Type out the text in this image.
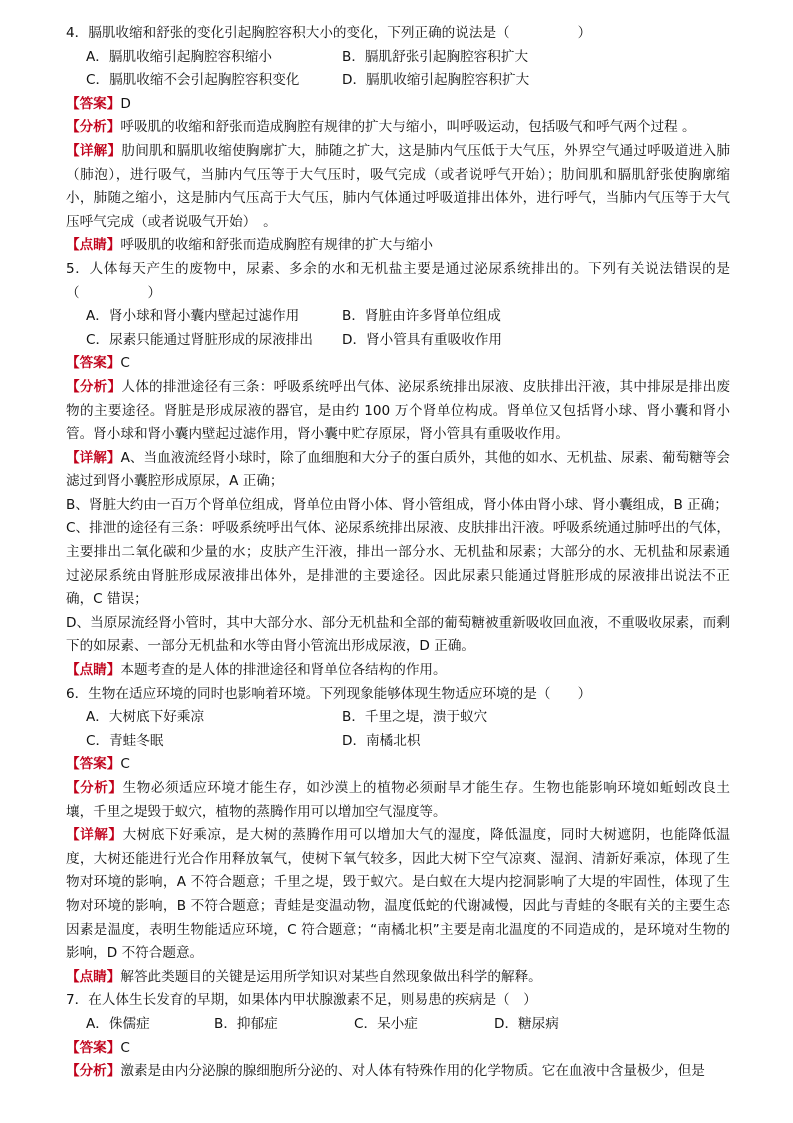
4．膈肌收缩和舒张的变化引起胸腔容积大小的变化，下列正确的说法是（　　　　　）

A．膈肌收缩引起胸腔容积缩小	B．膈肌舒张引起胸腔容积扩大
C．膈肌收缩不会引起胸腔容积变化	D．膈肌收缩引起胸腔容积扩大

【答案】D

【分析】呼吸肌的收缩和舒张而造成胸腔有规律的扩大与缩小，叫呼吸运动，包括吸气和呼气两个过程 。

【详解】肋间肌和膈肌收缩使胸廓扩大，肺随之扩大，这是肺内气压低于大气压，外界空气通过呼吸道进入肺（肺泡），进行吸气，当肺内气压等于大气压时，吸气完成（或者说呼气开始）；肋间肌和膈肌舒张使胸廓缩小，肺随之缩小，这是肺内气压高于大气压，肺内气体通过呼吸道排出体外，进行呼气，当肺内气压等于大气压呼气完成（或者说吸气开始）　。

【点睛】呼吸肌的收缩和舒张而造成胸腔有规律的扩大与缩小

5．人体每天产生的废物中，尿素、多余的水和无机盐主要是通过泌尿系统排出的。下列有关说法错误的是（　　　　　）

A．肾小球和肾小囊内壁起过滤作用	B．肾脏由许多肾单位组成
C．尿素只能通过肾脏形成的尿液排出	D．肾小管具有重吸收作用

【答案】C

【分析】人体的排泄途径有三条：呼吸系统呼出气体、泌尿系统排出尿液、皮肤排出汗液，其中排尿是排出废物的主要途径。肾脏是形成尿液的器官，是由约 100 万个肾单位构成。肾单位又包括肾小球、肾小囊和肾小管。肾小球和肾小囊内壁起过滤作用，肾小囊中贮存原尿，肾小管具有重吸收作用。

【详解】A、当血液流经肾小球时，除了血细胞和大分子的蛋白质外，其他的如水、无机盐、尿素、葡萄糖等会滤过到肾小囊腔形成原尿，A 正确；

B、肾脏大约由一百万个肾单位组成，肾单位由肾小体、肾小管组成，肾小体由肾小球、肾小囊组成，B 正确；

C、排泄的途径有三条：呼吸系统呼出气体、泌尿系统排出尿液、皮肤排出汗液。呼吸系统通过肺呼出的气体，主要排出二氧化碳和少量的水；皮肤产生汗液，排出一部分水、无机盐和尿素；大部分的水、无机盐和尿素通过泌尿系统由肾脏形成尿液排出体外，是排泄的主要途径。因此尿素只能通过肾脏形成的尿液排出说法不正确，C 错误；

D、当原尿流经肾小管时，其中大部分水、部分无机盐和全部的葡萄糖被重新吸收回血液，不重吸收尿素，而剩下的如尿素、一部分无机盐和水等由肾小管流出形成尿液，D 正确。

【点睛】本题考查的是人体的排泄途径和肾单位各结构的作用。

6．生物在适应环境的同时也影响着环境。下列现象能够体现生物适应环境的是（　　）

A．大树底下好乘凉	B．千里之堤，溃于蚁穴
C．青蛙冬眠	D．南橘北枳

【答案】C

【分析】生物必须适应环境才能生存，如沙漠上的植物必须耐旱才能生存。生物也能影响环境如蚯蚓改良土壤，千里之堤毁于蚁穴，植物的蒸腾作用可以增加空气湿度等。

【详解】大树底下好乘凉，是大树的蒸腾作用可以增加大气的湿度，降低温度，同时大树遮阴，也能降低温度，大树还能进行光合作用释放氧气，使树下氧气较多，因此大树下空气凉爽、湿润、清新好乘凉，体现了生物对环境的影响，A 不符合题意；千里之堤，毁于蚁穴。是白蚁在大堤内挖洞影响了大堤的牢固性，体现了生物对环境的影响，B 不符合题意；青蛙是变温动物，温度低蛇的代谢减慢，因此与青蛙的冬眠有关的主要生态因素是温度，表明生物能适应环境，C 符合题意；“南橘北枳”主要是南北温度的不同造成的，是环境对生物的影响，D 不符合题意。

【点睛】解答此类题目的关键是运用所学知识对某些自然现象做出科学的解释。

7．在人体生长发育的早期，如果体内甲状腺激素不足，则易患的疾病是（　）

A．侏儒症	B．抑郁症	C．呆小症	D．糖尿病

【答案】C

【分析】激素是由内分泌腺的腺细胞所分泌的、对人体有特殊作用的化学物质。它在血液中含量极少，但是
